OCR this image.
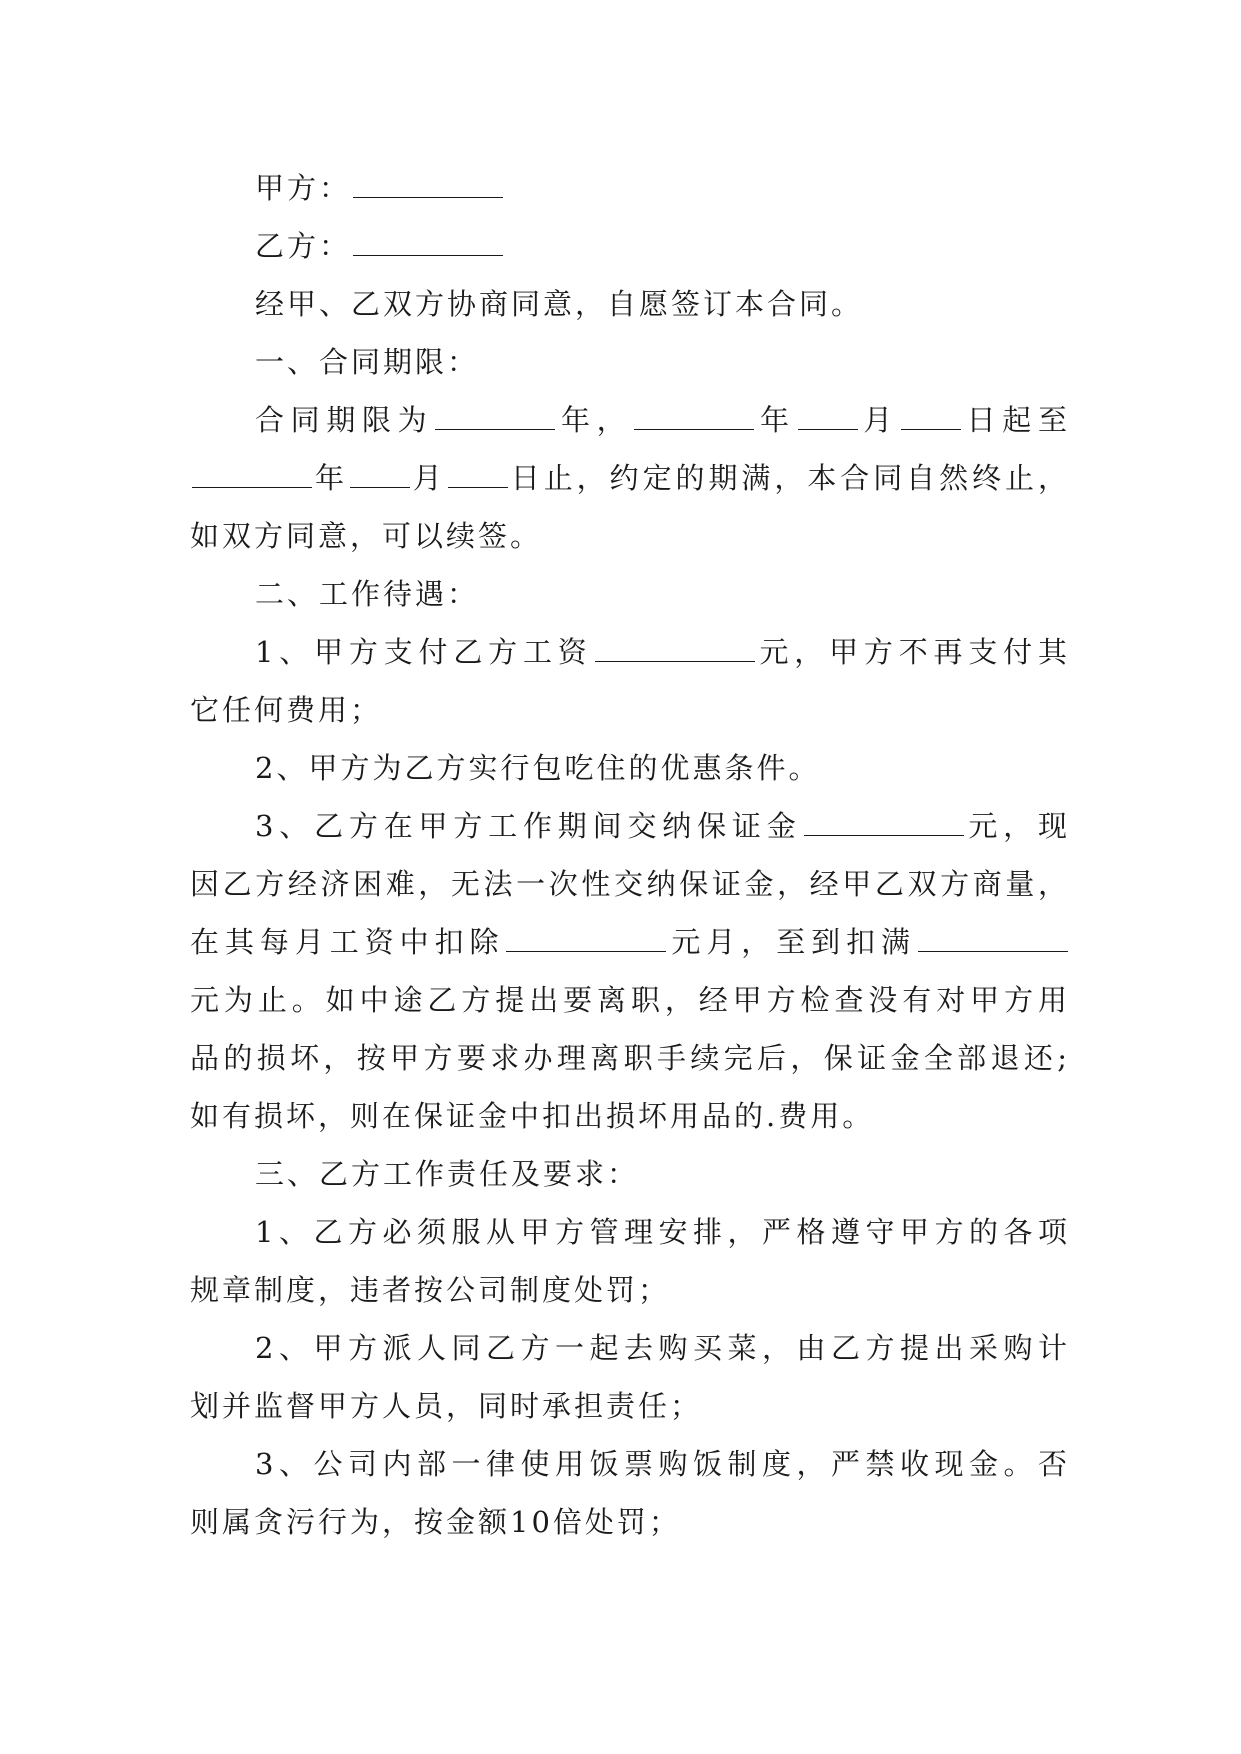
甲方：
乙方：
经甲、乙双方协商同意，自愿签订本合同。
一、合同期限：
合同期限为	年，	年 月 日起至
年 月 日止，约定的期满，本合同自然终止，
如双方同意，可以续签。
二、工作待遇：
1、甲方支付乙方工资	元，甲方不再支付其
它任何费用；
2、甲方为乙方实行包吃住的优惠条件。
3、乙方在甲方工作期间交纳保证金	元，现
因乙方经济困难，无法一次性交纳保证金，经甲乙双方商量，
在其每月工资中扣除	元月，至到扣满
元为止。如中途乙方提出要离职，经甲方检查没有对甲方用
品的损坏，按甲方要求办理离职手续完后，保证金全部退还;
如有损坏，则在保证金中扣出损坏用品的.费用。
三、乙方工作责任及要求：
1、乙方必须服从甲方管理安排，严格遵守甲方的各项
规章制度，违者按公司制度处罚；
2、甲方派人同乙方一起去购买菜，由乙方提出采购计
划并监督甲方人员，同时承担责任；
3、公司内部一律使用饭票购饭制度，严禁收现金。否
则属贪污行为，按金额10倍处罚；
